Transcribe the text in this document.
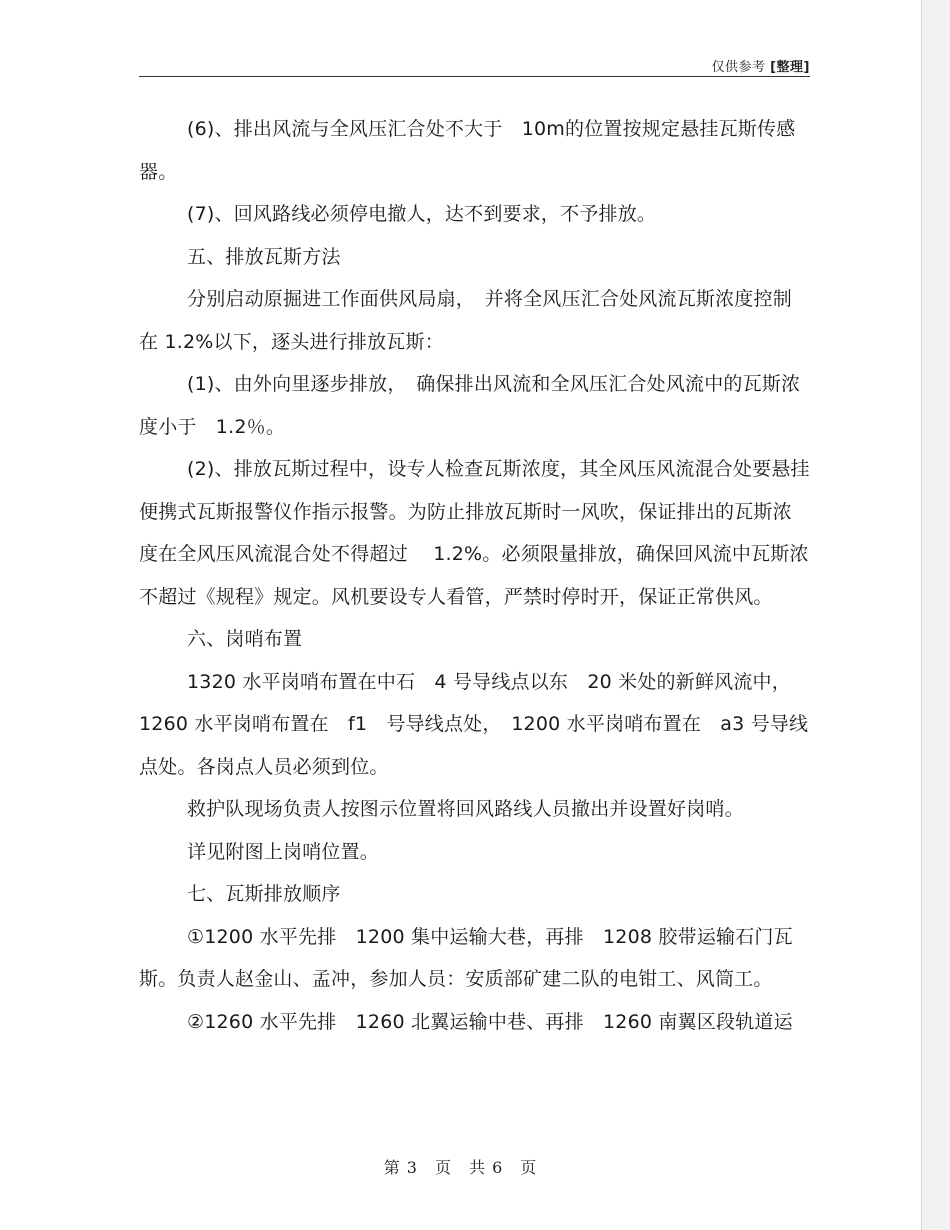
仅供参考 [整理]

(6)、排出风流与全风压汇合处不大于　10m的位置按规定悬挂瓦斯传感器。

(7)、回风路线必须停电撤人，达不到要求，不予排放。

五、排放瓦斯方法

分别启动原掘进工作面供风局扇，　并将全风压汇合处风流瓦斯浓度控制在 1.2%以下，逐头进行排放瓦斯：

(1)、由外向里逐步排放，　确保排出风流和全风压汇合处风流中的瓦斯浓度小于　1.2％。

(2)、排放瓦斯过程中，设专人检查瓦斯浓度，其全风压风流混合处要悬挂便携式瓦斯报警仪作指示报警。为防止排放瓦斯时一风吹，保证排出的瓦斯浓度在全风压风流混合处不得超过　 1.2%。必须限量排放，确保回风流中瓦斯浓不超过《规程》规定。风机要设专人看管，严禁时停时开，保证正常供风。

六、岗哨布置

1320 水平岗哨布置在中石　4 号导线点以东　20 米处的新鲜风流中，1260 水平岗哨布置在　f1　号导线点处，　1200 水平岗哨布置在　a3 号导线点处。各岗点人员必须到位。

救护队现场负责人按图示位置将回风路线人员撤出并设置好岗哨。

详见附图上岗哨位置。

七、瓦斯排放顺序

①1200 水平先排　1200 集中运输大巷，再排　1208 胶带运输石门瓦斯。负责人赵金山、孟冲，参加人员：安质部矿建二队的电钳工、风筒工。

②1260 水平先排　1260 北翼运输中巷、再排　1260 南翼区段轨道运

第 3　页　共 6　页
